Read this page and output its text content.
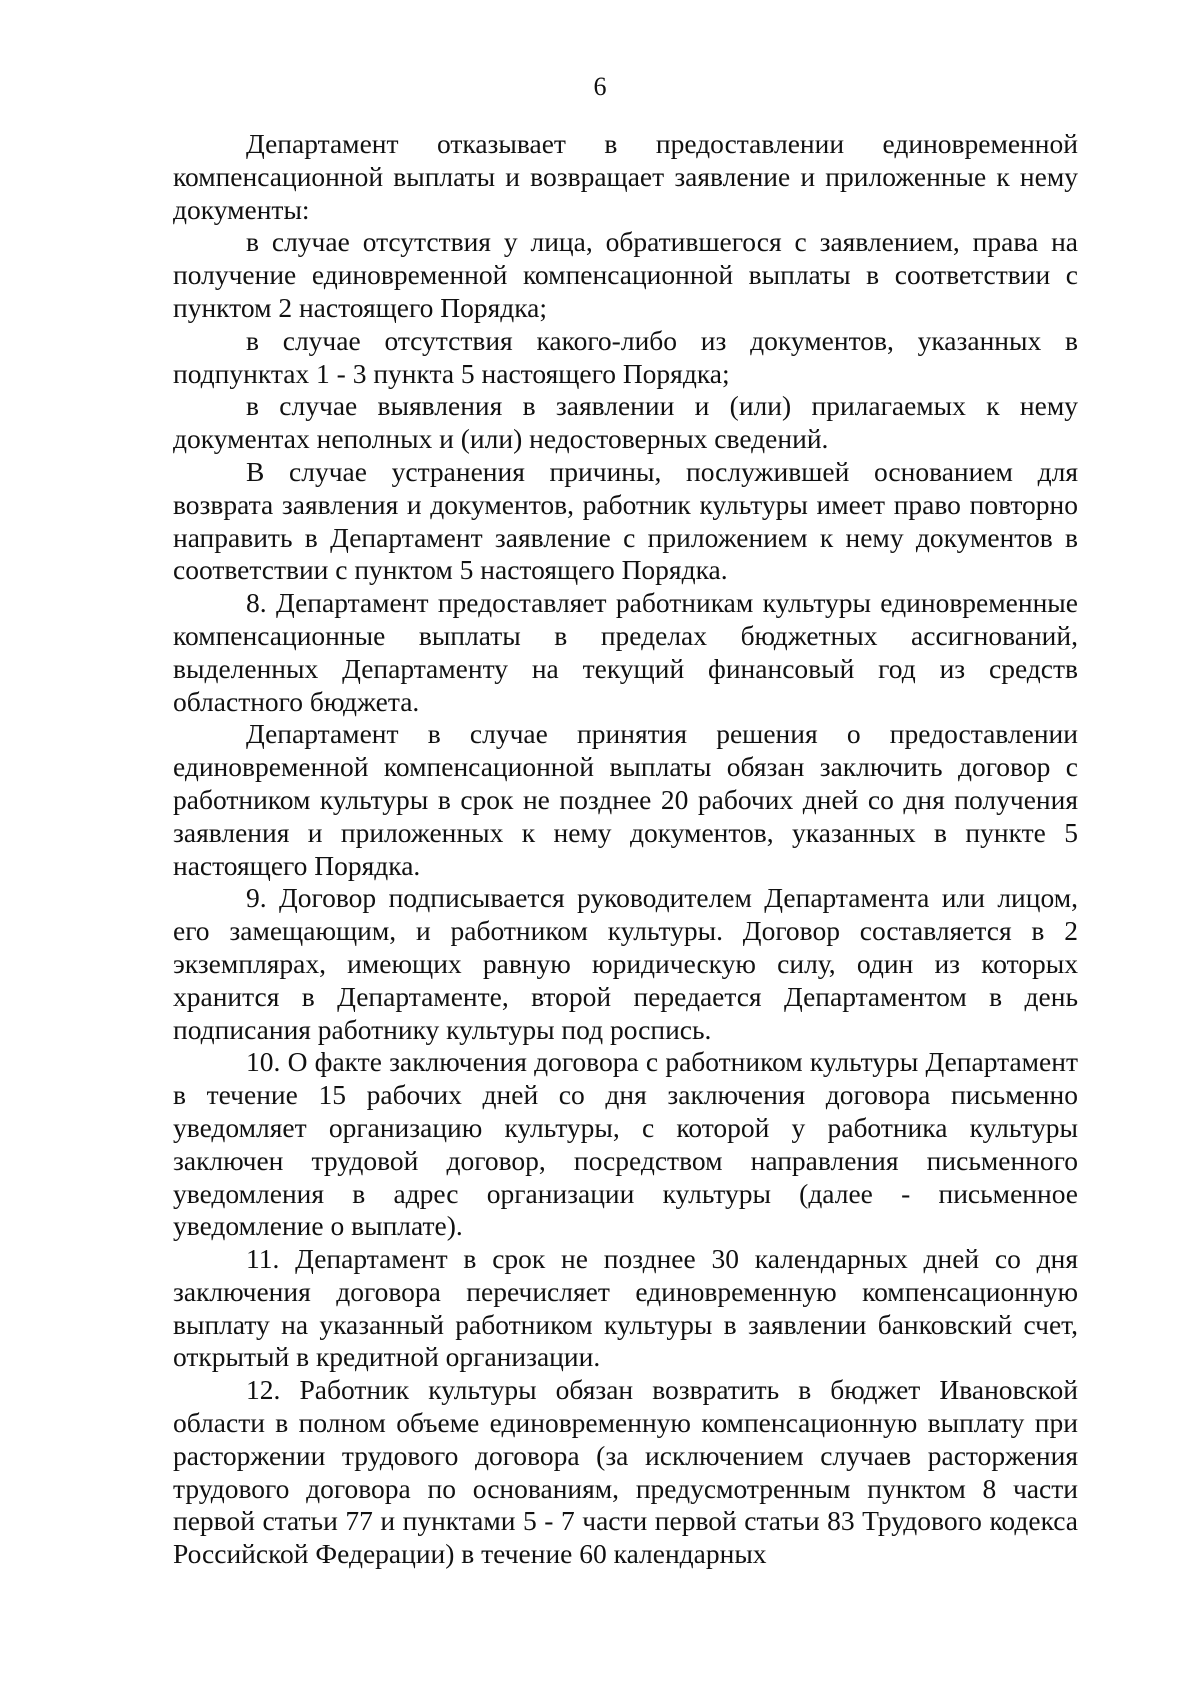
6

Департамент отказывает в предоставлении единовременной компенсационной выплаты и возвращает заявление и приложенные к нему документы:

в случае отсутствия у лица, обратившегося с заявлением, права на получение единовременной компенсационной выплаты в соответствии с пунктом 2 настоящего Порядка;

в случае отсутствия какого-либо из документов, указанных в подпунктах 1 - 3 пункта 5 настоящего Порядка;

в случае выявления в заявлении и (или) прилагаемых к нему документах неполных и (или) недостоверных сведений.

В случае устранения причины, послужившей основанием для возврата заявления и документов, работник культуры имеет право повторно направить в Департамент заявление с приложением к нему документов в соответствии с пунктом 5 настоящего Порядка.

8. Департамент предоставляет работникам культуры единовременные компенсационные выплаты в пределах бюджетных ассигнований, выделенных Департаменту на текущий финансовый год из средств областного бюджета.

Департамент в случае принятия решения о предоставлении единовременной компенсационной выплаты обязан заключить договор с работником культуры в срок не позднее 20 рабочих дней со дня получения заявления и приложенных к нему документов, указанных в пункте 5 настоящего Порядка.

9. Договор подписывается руководителем Департамента или лицом, его замещающим, и работником культуры. Договор составляется в 2 экземплярах, имеющих равную юридическую силу, один из которых хранится в Департаменте, второй передается Департаментом в день подписания работнику культуры под роспись.

10. О факте заключения договора с работником культуры Департамент в течение 15 рабочих дней со дня заключения договора письменно уведомляет организацию культуры, с которой у работника культуры заключен трудовой договор, посредством направления письменного уведомления в адрес организации культуры (далее - письменное уведомление о выплате).

11. Департамент в срок не позднее 30 календарных дней со дня заключения договора перечисляет единовременную компенсационную выплату на указанный работником культуры в заявлении банковский счет, открытый в кредитной организации.

12. Работник культуры обязан возвратить в бюджет Ивановской области в полном объеме единовременную компенсационную выплату при расторжении трудового договора (за исключением случаев расторжения трудового договора по основаниям, предусмотренным пунктом 8 части первой статьи 77 и пунктами 5 - 7 части первой статьи 83 Трудового кодекса Российской Федерации) в течение 60 календарных
